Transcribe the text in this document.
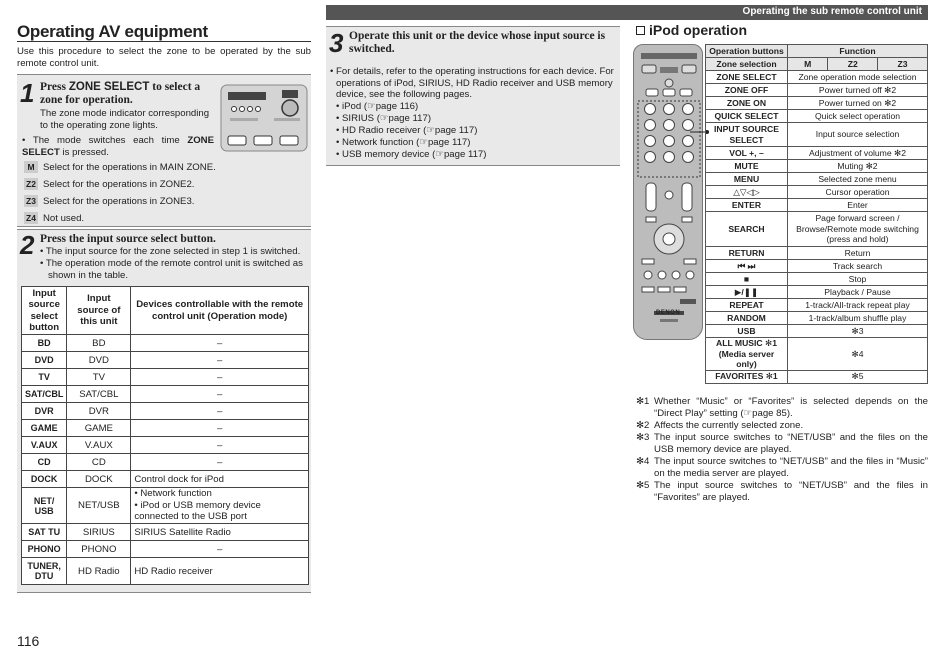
Operating the sub remote control unit
Operating AV equipment
Use this procedure to select the zone to be operated by the sub remote control unit.
1 Press ZONE SELECT to select a zone for operation.
The zone mode indicator corresponding to the operating zone lights.
• The mode switches each time ZONE SELECT is pressed.
M Select for the operations in MAIN ZONE.
Z2 Select for the operations in ZONE2.
Z3 Select for the operations in ZONE3.
Z4 Not used.
2 Press the input source select button.
• The input source for the zone selected in step 1 is switched.
• The operation mode of the remote control unit is switched as shown in the table.
Input source select button	Input source of this unit	Devices controllable with the remote control unit (Operation mode)
BD	BD	–
DVD	DVD	–
TV	TV	–
SAT/CBL	SAT/CBL	–
DVR	DVR	–
GAME	GAME	–
V.AUX	V.AUX	–
CD	CD	–
DOCK	DOCK	Control dock for iPod
NET/ USB	NET/USB	• Network function
• iPod or USB memory device connected to the USB port
SAT TU	SIRIUS	SIRIUS Satellite Radio
PHONO	PHONO	–
TUNER, DTU	HD Radio	HD Radio receiver
3 Operate this unit or the device whose input source is switched.
• For details, refer to the operating instructions for each device. For operations of iPod, SIRIUS, HD Radio receiver and USB memory device, see the following pages.
• iPod (☞page 116)
• SIRIUS (☞page 117)
• HD Radio receiver (☞page 117)
• Network function (☞page 117)
• USB memory device (☞page 117)
iPod operation
DENON
Operation buttons	Function		
Zone selection	M	Z2	Z3
ZONE SELECT	Zone operation mode selection		
ZONE OFF	Power turned off ✻2		
ZONE ON	Power turned on ✻2		
QUICK SELECT	Quick select operation		
INPUT SOURCE SELECT	Input source selection		
VOL +, –	Adjustment of volume ✻2		
MUTE	Muting ✻2		
MENU	Selected zone menu		
△▽◁▷	Cursor operation		
ENTER	Enter		
SEARCH	Page forward screen / Browse/Remote mode switching (press and hold)		
RETURN	Return		
⏮ ⏭	Track search		
■	Stop		
▶/❚❚	Playback / Pause		
REPEAT	1-track/All-track repeat play		
RANDOM	1-track/album shuffle play		
USB	✻3		
ALL MUSIC ✻1 (Media server only)	✻4		
FAVORITES ✻1	✻5		
✻1 Whether “Music” or “Favorites” is selected depends on the “Direct Play” setting (☞page 85).
✻2 Affects the currently selected zone.
✻3 The input source switches to “NET/USB” and the files on the USB memory device are played.
✻4 The input source switches to “NET/USB” and the files in “Music” on the media server are played.
✻5 The input source switches to “NET/USB” and the files in “Favorites” are played.
116
